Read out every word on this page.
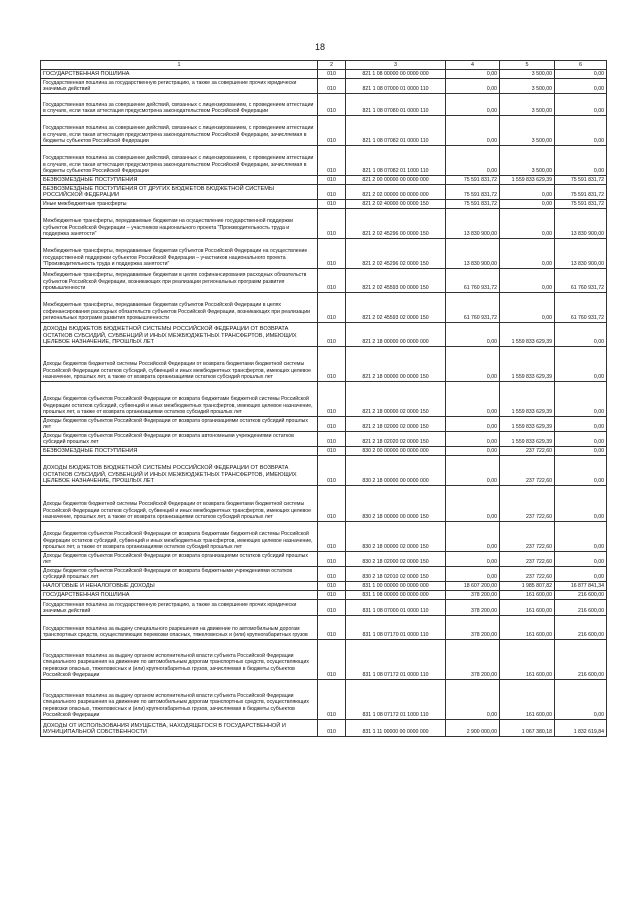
18
1	2	3	4	5	6
ГОСУДАРСТВЕННАЯ ПОШЛИНА	010	821 1 08 00000 00 0000 000	0,00	3 500,00	0,00
Государственная пошлина за государственную регистрацию, а также за совершение прочих юридически значимых действий	010	821 1 08 07000 01 0000 110	0,00	3 500,00	0,00
Государственная пошлина за совершение действий, связанных с лицензированием, с проведением аттестации в случаях, если такая аттестация предусмотрена законодательством Российской Федерации	010	821 1 08 07080 01 0000 110	0,00	3 500,00	0,00
Государственная пошлина за совершение действий, связанных с лицензированием, с проведением аттестации в случаях, если такая аттестация предусмотрена законодательством Российской Федерации, зачисляемая в бюджеты субъектов Российской Федерации	010	821 1 08 07082 01 0000 110	0,00	3 500,00	0,00
Государственная пошлина за совершение действий, связанных с лицензированием, с проведением аттестации в случаях, если такая аттестация предусмотрена законодательством Российской Федерации, зачисляемая в бюджеты субъектов Российской Федерации	010	821 1 08 07082 01 1000 110	0,00	3 500,00	0,00
БЕЗВОЗМЕЗДНЫЕ ПОСТУПЛЕНИЯ	010	821 2 00 00000 00 0000 000	75 591 831,72	1 559 833 629,39	75 591 831,72
БЕЗВОЗМЕЗДНЫЕ ПОСТУПЛЕНИЯ ОТ ДРУГИХ БЮДЖЕТОВ БЮДЖЕТНОЙ СИСТЕМЫ РОССИЙСКОЙ ФЕДЕРАЦИИ	010	821 2 02 00000 00 0000 000	75 591 831,72	0,00	75 591 831,72
Иные межбюджетные трансферты	010	821 2 02 40000 00 0000 150	75 591 831,72	0,00	75 591 831,72
Межбюджетные трансферты, передаваемые бюджетам на осуществление государственной поддержки субъектов Российской Федерации – участников национального проекта "Производительность труда и поддержка занятости"	010	821 2 02 45296 00 0000 150	13 830 900,00	0,00	13 830 900,00
Межбюджетные трансферты, передаваемые бюджетам субъектов Российской Федерации на осуществление государственной поддержки субъектов Российской Федерации – участников национального проекта "Производительность труда и поддержка занятости"	010	821 2 02 45296 02 0000 150	13 830 900,00	0,00	13 830 900,00
Межбюджетные трансферты, передаваемые бюджетам в целях софинансирования расходных обязательств субъектов Российской Федерации, возникающих при реализации региональных программ развития промышленности	010	821 2 02 45593 00 0000 150	61 760 931,72	0,00	61 760 931,72
Межбюджетные трансферты, передаваемые бюджетам субъектов Российской Федерации в целях софинансирования расходных обязательств субъектов Российской Федерации, возникающих при реализации региональных программ развития промышленности	010	821 2 02 45593 02 0000 150	61 760 931,72	0,00	61 760 931,72
ДОХОДЫ БЮДЖЕТОВ БЮДЖЕТНОЙ СИСТЕМЫ РОССИЙСКОЙ ФЕДЕРАЦИИ ОТ ВОЗВРАТА ОСТАТКОВ СУБСИДИЙ, СУБВЕНЦИЙ И ИНЫХ МЕЖБЮДЖЕТНЫХ ТРАНСФЕРТОВ, ИМЕЮЩИХ ЦЕЛЕВОЕ НАЗНАЧЕНИЕ, ПРОШЛЫХ ЛЕТ	010	821 2 18 00000 00 0000 000	0,00	1 559 833 629,39	0,00
Доходы бюджетов бюджетной системы Российской Федерации от возврата бюджетами бюджетной системы Российской Федерации остатков субсидий, субвенций и иных межбюджетных трансфертов, имеющих целевое назначение, прошлых лет, а также от возврата организациями остатков субсидий прошлых лет	010	821 2 18 00000 00 0000 150	0,00	1 559 833 629,39	0,00
Доходы бюджетов субъектов Российской Федерации от возврата бюджетами бюджетной системы Российской Федерации остатков субсидий, субвенций и иных межбюджетных трансфертов, имеющих целевое назначение, прошлых лет, а также от возврата организациями остатков субсидий прошлых лет	010	821 2 18 00000 02 0000 150	0,00	1 559 833 629,39	0,00
Доходы бюджетов субъектов Российской Федерации от возврата организациями остатков субсидий прошлых лет	010	821 2 18 02000 02 0000 150	0,00	1 559 833 629,39	0,00
Доходы бюджетов субъектов Российской Федерации от возврата автономными учреждениями остатков субсидий прошлых лет	010	821 2 18 02020 02 0000 150	0,00	1 559 833 629,39	0,00
БЕЗВОЗМЕЗДНЫЕ ПОСТУПЛЕНИЯ	010	830 2 00 00000 00 0000 000	0,00	237 722,60	0,00
ДОХОДЫ БЮДЖЕТОВ БЮДЖЕТНОЙ СИСТЕМЫ РОССИЙСКОЙ ФЕДЕРАЦИИ ОТ ВОЗВРАТА ОСТАТКОВ СУБСИДИЙ, СУБВЕНЦИЙ И ИНЫХ МЕЖБЮДЖЕТНЫХ ТРАНСФЕРТОВ, ИМЕЮЩИХ ЦЕЛЕВОЕ НАЗНАЧЕНИЕ, ПРОШЛЫХ ЛЕТ	010	830 2 18 00000 00 0000 000	0,00	237 722,60	0,00
Доходы бюджетов бюджетной системы Российской Федерации от возврата бюджетами бюджетной системы Российской Федерации остатков субсидий, субвенций и иных межбюджетных трансфертов, имеющих целевое назначение, прошлых лет, а также от возврата организациями остатков субсидий прошлых лет	010	830 2 18 00000 00 0000 150	0,00	237 722,60	0,00
Доходы бюджетов субъектов Российской Федерации от возврата бюджетами бюджетной системы Российской Федерации остатков субсидий, субвенций и иных межбюджетных трансфертов, имеющих целевое назначение, прошлых лет, а также от возврата организациями остатков субсидий прошлых лет	010	830 2 18 00000 02 0000 150	0,00	237 722,60	0,00
Доходы бюджетов субъектов Российской Федерации от возврата организациями остатков субсидий прошлых лет	010	830 2 18 02000 02 0000 150	0,00	237 722,60	0,00
Доходы бюджетов субъектов Российской Федерации от возврата бюджетными учреждениями остатков субсидий прошлых лет	010	830 2 18 02010 02 0000 150	0,00	237 722,60	0,00
НАЛОГОВЫЕ И НЕНАЛОГОВЫЕ ДОХОДЫ	010	831 1 00 00000 00 0000 000	18 607 200,00	1 985 807,82	16 877 841,34
ГОСУДАРСТВЕННАЯ ПОШЛИНА	010	831 1 08 00000 00 0000 000	378 200,00	161 600,00	216 600,00
Государственная пошлина за государственную регистрацию, а также за совершение прочих юридически значимых действий	010	831 1 08 07000 01 0000 110	378 200,00	161 600,00	216 600,00
Государственная пошлина за выдачу специального разрешения на движение по автомобильным дорогам транспортных средств, осуществляющих перевозки опасных, тяжеловесных и (или) крупногабаритных грузов	010	831 1 08 07170 01 0000 110	378 200,00	161 600,00	216 600,00
Государственная пошлина за выдачу органом исполнительной власти субъекта Российской Федерации специального разрешения на движение по автомобильным дорогам транспортных средств, осуществляющих перевозки опасных, тяжеловесных и (или) крупногабаритных грузов, зачисляемая в бюджеты субъектов Российской Федерации	010	831 1 08 07172 01 0000 110	378 200,00	161 600,00	216 600,00
Государственная пошлина за выдачу органом исполнительной власти субъекта Российской Федерации специального разрешения на движение по автомобильным дорогам транспортных средств, осуществляющих перевозки опасных, тяжеловесных и (или) крупногабаритных грузов, зачисляемая в бюджеты субъектов Российской Федерации	010	831 1 08 07172 01 1000 110	0,00	161 600,00	0,00
ДОХОДЫ ОТ ИСПОЛЬЗОВАНИЯ ИМУЩЕСТВА, НАХОДЯЩЕГОСЯ В ГОСУДАРСТВЕННОЙ И МУНИЦИПАЛЬНОЙ СОБСТВЕННОСТИ	010	831 1 11 00000 00 0000 000	2 900 000,00	1 067 380,18	1 832 619,84
